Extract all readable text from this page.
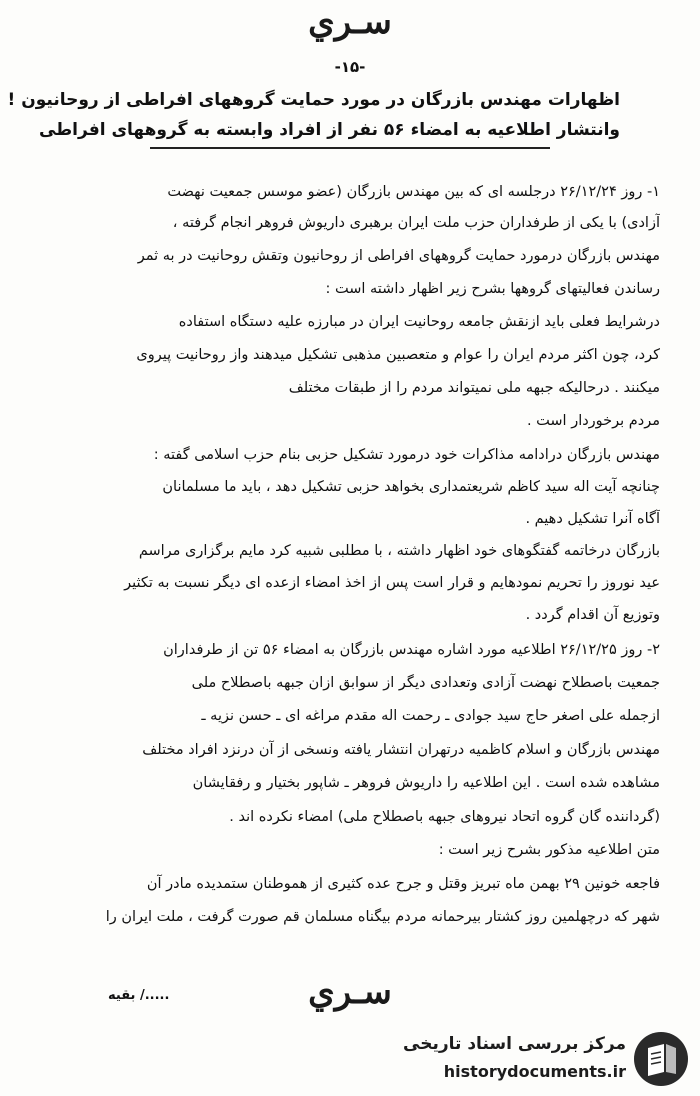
سـري
-۱۵-
اظهارات مهندس بازرگان در مورد حمایت گروههای افراطی از روحانیون !
وانتشار اطلاعیه به امضاء ۵۶ نفر از افراد وابسته به گروههای افراطی
۱- روز ۲۶/۱۲/۲۴ درجلسه ای که بین مهندس بازرگان (عضو موسس جمعیت نهضت
آزادی) با یکی از طرفداران حزب ملت ایران برهبری داریوش فروهر انجام گرفته ،
مهندس بازرگان درمورد حمایت گروههای افراطی از روحانیون وتقش روحانیت در به ثمر
رساندن فعالیتهای گروهها بشرح زیر اظهار داشته است :
درشرایط فعلی باید ازنقش جامعه روحانیت ایران در مبارزه علیه دستگاه استفاده
کرد، چون اکثر مردم ایران را عوام و متعصبین مذهبی تشکیل میدهند واز روحانیت پیروی
میکنند . درحالیکه جبهه ملی نمیتواند مردم را از طبقات مختلف
مردم برخوردار است .
مهندس بازرگان درادامه مذاکرات خود درمورد تشکیل حزبی بنام حزب اسلامی گفته :
چنانچه آیت اله سید کاظم شریعتمداری بخواهد حزبی تشکیل دهد ، باید ما مسلمانان
آگاه آنرا تشکیل دهیم .
بازرگان درخاتمه گفتگوهای خود اظهار داشته ، با مطلبی شبیه کرد مایم برگزاری مراسم
عید نوروز را تحریم نمودهایم و قرار است پس از اخذ امضاء ازعده ای دیگر نسبت به تکثیر
وتوزیع آن اقدام گردد .
۲- روز ۲۶/۱۲/۲۵ اطلاعیه مورد اشاره مهندس بازرگان به امضاء ۵۶ تن از طرفداران
جمعیت باصطلاح نهضت آزادی وتعدادی دیگر از سوابق ازان جبهه باصطلاح ملی
ازجمله علی اصغر حاج سید جوادی ـ رحمت اله مقدم مراغه ای ـ حسن نزیه ـ
مهندس بازرگان و اسلام کاظمیه درتهران انتشار یافته ونسخی از آن درنزد افراد مختلف
مشاهده شده است . این اطلاعیه را داریوش فروهر ـ شاپور بختیار و رفقایشان
(گرداننده گان گروه اتحاد نیروهای جبهه باصطلاح ملی) امضاء نکرده اند .
متن اطلاعیه مذکور بشرح زیر است :
فاجعه خونین ۲۹ بهمن ماه تبریز وقتل و جرح عده کثیری از هموطنان ستمدیده مادر آن
شهر که درچهلمین روز کشتار بیرحمانه مردم بیگناه مسلمان قم صورت گرفت ، ملت ایران را
...../ بقیه	سـري
مرکز بررسی اسناد تاریخی
historydocuments.ir
